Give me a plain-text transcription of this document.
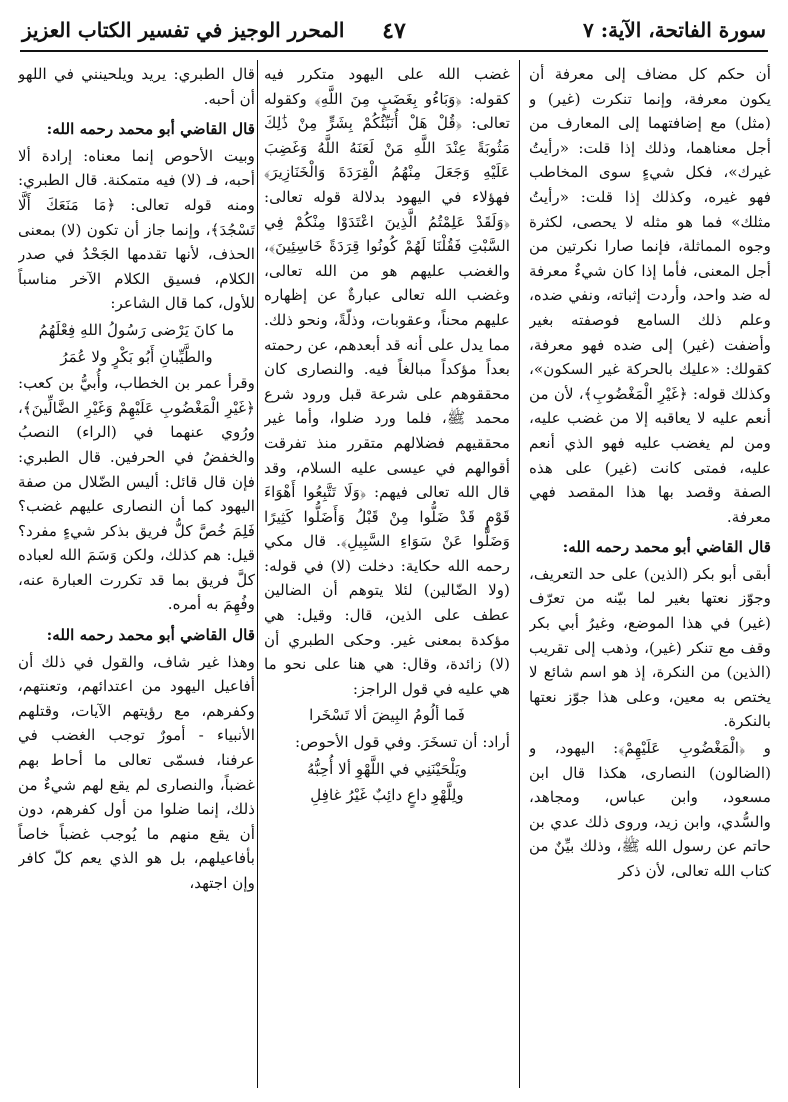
سورة الفاتحة، الآية: ٧
٤٧
المحرر الوجيز في تفسير الكتاب العزيز

أن حكم كل مضاف إلى معرفة أن يكون معرفة، وإنما تنكرت (غير) و (مثل) مع إضافتهما إلى المعارف من أجل معناهما، وذلك إذا قلت: «رأيتُ غيرك»، فكل شيءٍ سوى المخاطب فهو غيره، وكذلك إذا قلت: «رأيتُ مثلك» فما هو مثله لا يحصى، لكثرة وجوه المماثلة، فإنما صارا نكرتين من أجل المعنى، فأما إذا كان شيءٌ معرفة له ضد واحد، وأردت إثباته، ونفي ضده، وعلم ذلك السامع فوصفته بغير وأضفت (غير) إلى ضده فهو معرفة، كقولك: «عليك بالحركة غير السكون»، وكذلك قوله: ﴿غَيْرِ الْمَغْضُوبِ﴾، لأن من أنعم عليه لا يعاقبه إلا من غضب عليه، ومن لم يغضب عليه فهو الذي أنعم عليه، فمتى كانت (غير) على هذه الصفة وقصد بها هذا المقصد فهي معرفة.

قال القاضي أبو محمد رحمه الله:

أبقى أبو بكر (الذين) على حد التعريف، وجوّز نعتها بغير لما بيّنه من تعرّف (غير) في هذا الموضع، وغيرُ أبي بكر وقف مع تنكر (غير)، وذهب إلى تقريب (الذين) من النكرة، إذ هو اسم شائع لا يختص به معين، وعلى هذا جوّز نعتها بالنكرة.

و ﴿الْمَغْضُوبِ عَلَيْهِمْ﴾: اليهود، و (الضالون) النصارى، هكذا قال ابن مسعود، وابن عباس، ومجاهد، والسُّدي، وابن زيد، وروى ذلك عدي بن حاتم عن رسول الله ﷺ، وذلك بيِّنٌ من كتاب الله تعالى، لأن ذكر

غضب الله على اليهود متكرر فيه كقوله: ﴿وَبَاءُو بِغَضَبٍ مِنَ اللَّهِ﴾ وكقوله تعالى: ﴿قُلْ هَلْ أُنَبِّئُكُمْ بِشَرٍّ مِنْ ذَٰلِكَ مَثُوبَةً عِنْدَ اللَّهِ مَنْ لَعَنَهُ اللَّهُ وَغَضِبَ عَلَيْهِ وَجَعَلَ مِنْهُمُ الْقِرَدَةَ وَالْخَنَازِيرَ﴾ فهؤلاء في اليهود بدلالة قوله تعالى: ﴿وَلَقَدْ عَلِمْتُمُ الَّذِينَ اعْتَدَوْا مِنْكُمْ فِي السَّبْتِ فَقُلْنَا لَهُمْ كُونُوا قِرَدَةً خَاسِئِينَ﴾، والغضب عليهم هو من الله تعالى، وغضب الله تعالى عبارةٌ عن إظهاره عليهم محناً، وعقوبات، وذلّةً، ونحو ذلك. مما يدل على أنه قد أبعدهم، عن رحمته بعداً مؤكداً مبالغاً فيه. والنصارى كان محققوهم على شرعة قبل ورود شرع محمد ﷺ، فلما ورد ضلوا، وأما غير محققيهم فضلالهم متقرر منذ تفرقت أقوالهم في عيسى عليه السلام، وقد قال الله تعالى فيهم: ﴿وَلَا تَتَّبِعُوا أَهْوَاءَ قَوْمٍ قَدْ ضَلُّوا مِنْ قَبْلُ وَأَضَلُّوا كَثِيرًا وَضَلُّوا عَنْ سَوَاءِ السَّبِيلِ﴾. قال مكي رحمه الله حكاية: دخلت (لا) في قوله: (ولا الضّالين) لئلا يتوهم أن الضالين عطف على الذين، قال: وقيل: هي مؤكدة بمعنى غير. وحكى الطبري أن (لا) زائدة، وقال: هي هنا على نحو ما هي عليه في قول الراجز:

فَما ألُومُ البِيضَ ألا تَسْخَرا

أراد: أن تسخَرَ. وفي قول الأحوص:

ويَلْحَيْنَنِي في اللَّهْوِ ألا أُحِبُّهُ

ولِلَّهْوِ داعٍ دائِبٌ غَيْرُ غافِلِ

قال الطبري: يريد ويلحينني في اللهو أن أحبه.

قال القاضي أبو محمد رحمه الله:

وبيت الأحوص إنما معناه: إرادة ألا أحبه، فـ (لا) فيه متمكنة. قال الطبري: ومنه قوله تعالى: ﴿مَا مَنَعَكَ أَلَّا تَسْجُدَ﴾، وإنما جاز أن تكون (لا) بمعنى الحذف، لأنها تقدمها الجَحْدُ في صدر الكلام، فسيق الكلام الآخر مناسباً للأول، كما قال الشاعر:

ما كانَ يَرْضى رَسُولُ اللهِ فِعْلَهُمُ

والطَّيِّبانِ أَبُو بَكْرٍ ولا عُمَرُ

وقرأ عمر بن الخطاب، وأُبيُّ بن كعب: ﴿غَيْرِ الْمَغْضُوبِ عَلَيْهِمْ وَغَيْرِ الضَّالِّينَ﴾، ورُوي عنهما في (الراء) النصبُ والخفضُ في الحرفين. قال الطبري: فإن قال قائل: أليس الضّلال من صفة اليهود كما أن النصارى عليهم غضب؟ فَلِمَ خُصَّ كلُّ فريق بذكر شيءٍ مفرد؟ قيل: هم كذلك، ولكن وَسَمَ الله لعباده كلَّ فريق بما قد تكررت العبارة عنه، وفُهِمَ به أمره.

قال القاضي أبو محمد رحمه الله:

وهذا غير شاف، والقول في ذلك أن أفاعيل اليهود من اعتدائهم، وتعنتهم، وكفرهم، مع رؤيتهم الآيات، وقتلهم الأنبياء - أمورٌ توجب الغضب في عرفنا، فسمّى تعالى ما أحاط بهم غضباً، والنصارى لم يقع لهم شيءٌ من ذلك، إنما ضلوا من أول كفرهم، دون أن يقع منهم ما يُوجب غضباً خاصاً بأفاعيلهم، بل هو الذي يعم كلّ كافر وإن اجتهد،
